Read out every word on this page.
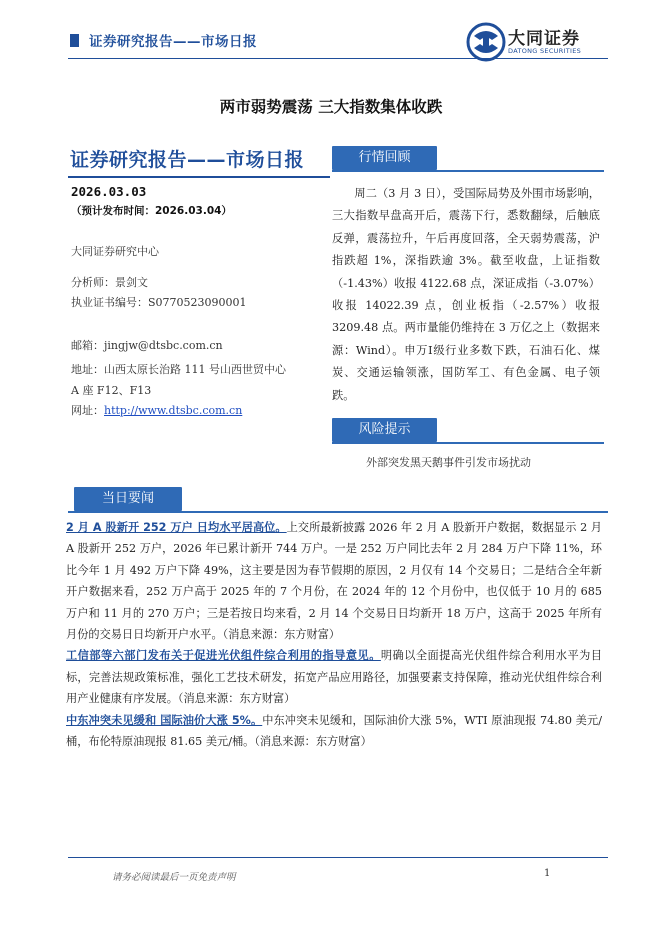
证券研究报告——市场日报	大同证券
DATONG SECURITIES
两市弱势震荡 三大指数集体收跌
证券研究报告——市场日报
2026.03.03
（预计发布时间：2026.03.04）
大同证券研究中心
分析师：景剑文
执业证书编号：S0770523090001
邮箱：jingjw@dtsbc.com.cn
地址：山西太原长治路 111 号山西世贸中心
A 座 F12、F13
网址：http://www.dtsbc.com.cn
行情回顾
周二（3 月 3 日），受国际局势及外围市场影响，三大指数早盘高开后，震荡下行，悉数翻绿，后触底反弹，震荡拉升，午后再度回落，全天弱势震荡，沪指跌超 1%，深指跌逾 3%。截至收盘，上证指数（-1.43%）收报 4122.68 点，深证成指（-3.07%）收报 14022.39 点，创业板指（-2.57%）收报 3209.48 点。两市量能仍维持在 3 万亿之上（数据来源：Wind）。申万Ⅰ级行业多数下跌，石油石化、煤炭、交通运输领涨，国防军工、有色金属、电子领跌。
风险提示
外部突发黑天鹅事件引发市场扰动
当日要闻

2 月 A 股新开 252 万户 日均水平居高位。上交所最新披露 2026 年 2 月 A 股新开户数据，数据显示 2 月 A 股新开 252 万户，2026 年已累计新开 744 万户。一是 252 万户同比去年 2 月 284 万户下降 11%，环比今年 1 月 492 万户下降 49%，这主要是因为春节假期的原因，2 月仅有 14 个交易日；二是结合全年新开户数据来看，252 万户高于 2025 年的 7 个月份，在 2024 年的 12 个月份中，也仅低于 10 月的 685 万户和 11 月的 270 万户；三是若按日均来看，2 月 14 个交易日日均新开 18 万户，这高于 2025 年所有月份的交易日日均新开户水平。（消息来源：东方财富）

工信部等六部门发布关于促进光伏组件综合利用的指导意见。明确以全面提高光伏组件综合利用水平为目标，完善法规政策标准，强化工艺技术研发，拓宽产品应用路径，加强要素支持保障，推动光伏组件综合利用产业健康有序发展。（消息来源：东方财富）

中东冲突未见缓和 国际油价大涨 5%。中东冲突未见缓和，国际油价大涨 5%，WTI 原油现报 74.80 美元/桶，布伦特原油现报 81.65 美元/桶。（消息来源：东方财富）

请务必阅读最后一页免责声明	1
